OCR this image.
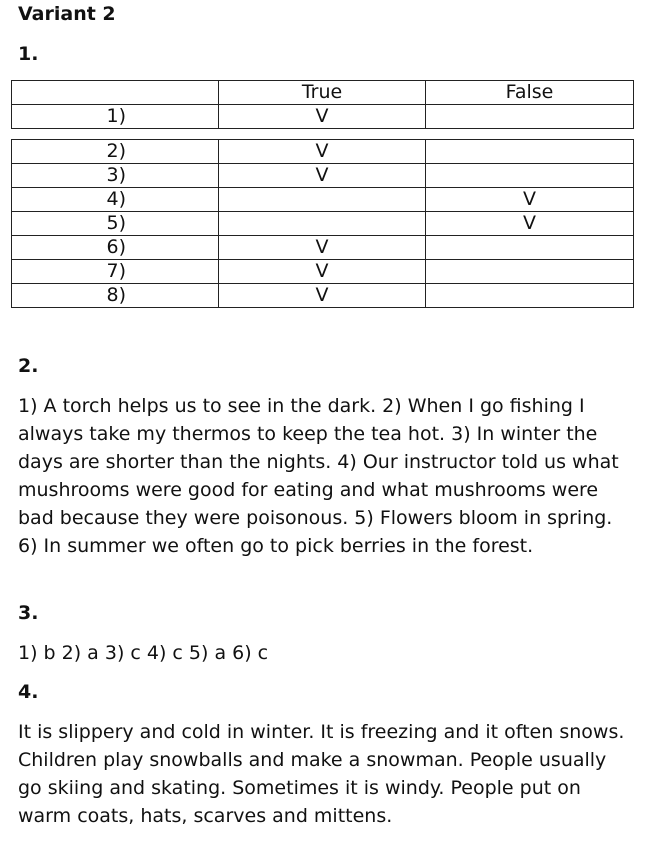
Variant 2
1.
	True	False
1)	V	
2)	V	
3)	V	
4)		V
5)		V
6)	V	
7)	V	
8)	V	
2.

1) A torch helps us to see in the dark. 2) When I go fishing I always take my thermos to keep the tea hot. 3) In winter the days are shorter than the nights. 4) Our instructor told us what mushrooms were good for eating and what mushrooms were bad because they were poisonous. 5) Flowers bloom in spring. 6) In summer we often go to pick berries in the forest.

3.

1) b 2) a 3) c 4) c 5) a 6) c

4.

It is slippery and cold in winter. It is freezing and it often snows. Children play snowballs and make a snowman. People usually go skiing and skating. Sometimes it is windy. People put on warm coats, hats, scarves and mittens.
